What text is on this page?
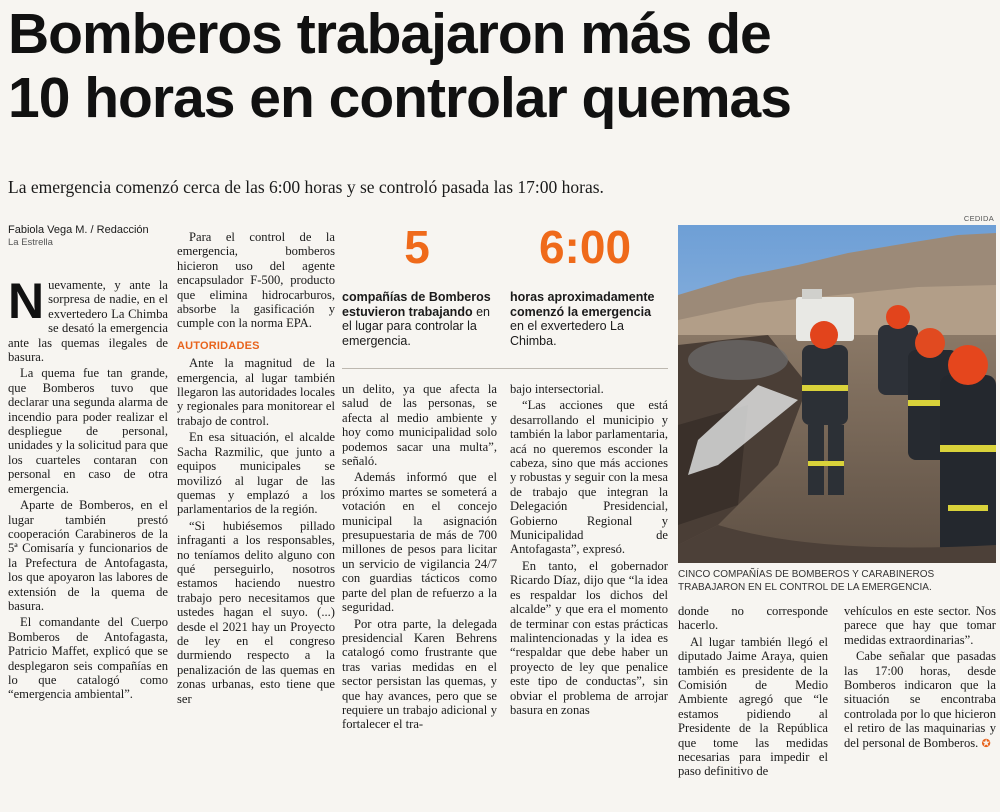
Bomberos trabajaron más de
10 horas en controlar quemas
La emergencia comenzó cerca de las 6:00 horas y se controló pasada las 17:00 horas.
Fabiola Vega M. / Redacción
La Estrella

Nuevamente, y ante la sorpresa de nadie, en el exvertedero La Chimba se desató la emergencia ante las quemas ilegales de basura.

La quema fue tan grande, que Bomberos tuvo que declarar una segunda alarma de incendio para poder realizar el despliegue de personal, unidades y la solicitud para que los cuarteles contaran con personal en caso de otra emergencia.

Aparte de Bomberos, en el lugar también prestó cooperación Carabineros de la 5ª Comisaría y funcionarios de la Prefectura de Antofagasta, los que apoyaron las labores de extensión de la quema de basura.

El comandante del Cuerpo Bomberos de Antofagasta, Patricio Maffet, explicó que se desplegaron seis compañías en lo que catalogó como “emergencia ambiental”.

Para el control de la emergencia, bomberos hicieron uso del agente encapsulador F-500, producto que elimina hidrocarburos, absorbe la gasificación y cumple con la norma EPA.

AUTORIDADES

Ante la magnitud de la emergencia, al lugar también llegaron las autoridades locales y regionales para monitorear el trabajo de control.

En esa situación, el alcalde Sacha Razmilic, que junto a equipos municipales se movilizó al lugar de las quemas y emplazó a los parlamentarios de la región.

“Si hubiésemos pillado infraganti a los responsables, no teníamos delito alguno con qué perseguirlo, nosotros estamos haciendo nuestro trabajo pero necesitamos que ustedes hagan el suyo. (...) desde el 2021 hay un Proyecto de ley en el congreso durmiendo respecto a la penalización de las quemas en zonas urbanas, esto tiene que ser

5
compañías de Bomberos estuvieron trabajando en el lugar para controlar la emergencia.
6:00
horas aproximadamente comenzó la emergencia en el exvertedero La Chimba.

un delito, ya que afecta la salud de las personas, se afecta al medio ambiente y hoy como municipalidad solo podemos sacar una multa”, señaló.

Además informó que el próximo martes se someterá a votación en el concejo municipal la asignación presupuestaria de más de 700 millones de pesos para licitar un servicio de vigilancia 24/7 con guardias tácticos como parte del plan de refuerzo a la seguridad.

Por otra parte, la delegada presidencial Karen Behrens catalogó como frustrante que tras varias medidas en el sector persistan las quemas, y que hay avances, pero que se requiere un trabajo adicional y fortalecer el tra-

bajo intersectorial.

“Las acciones que está desarrollando el municipio y también la labor parlamentaria, acá no queremos esconder la cabeza, sino que más acciones y robustas y seguir con la mesa de trabajo que integran la Delegación Presidencial, Gobierno Regional y Municipalidad de Antofagasta”, expresó.

En tanto, el gobernador Ricardo Díaz, dijo que “la idea es respaldar los dichos del alcalde” y que era el momento de terminar con estas prácticas malintencionadas y la idea es “respaldar que debe haber un proyecto de ley que penalice este tipo de conductas”, sin obviar el problema de arrojar basura en zonas

CEDIDA
CINCO COMPAÑÍAS DE BOMBEROS Y CARABINEROS TRABAJARON EN EL CONTROL DE LA EMERGENCIA.

donde no corresponde hacerlo.

Al lugar también llegó el diputado Jaime Araya, quien también es presidente de la Comisión de Medio Ambiente agregó que “le estamos pidiendo al Presidente de la República que tome las medidas necesarias para impedir el paso definitivo de

vehículos en este sector. Nos parece que hay que tomar medidas extraordinarias”.

Cabe señalar que pasadas las 17:00 horas, desde Bomberos indicaron que la situación se encontraba controlada por lo que hicieron el retiro de las maquinarias y del personal de Bomberos. ✪
